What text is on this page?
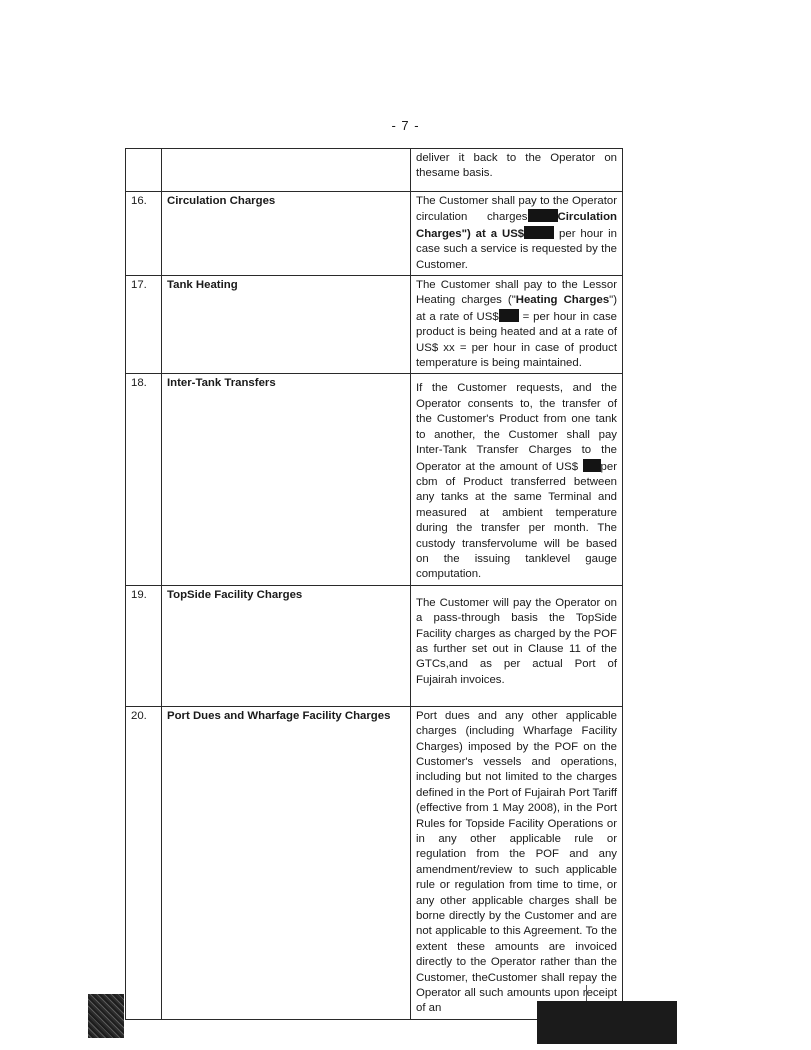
- 7 -
		deliver it back to the Operator on thesame basis.
16.	Circulation Charges	The Customer shall pay to the Operator circulation charges Circulation Charges") at a US$ per hour in case such a service is requested by the Customer.
17.	Tank Heating	The Customer shall pay to the Lessor Heating charges ("Heating Charges") at a rate of US$ = per hour in case product is being heated and at a rate of US$ xx = per hour in case of product temperature is being maintained.
18.	Inter-Tank Transfers	If the Customer requests, and the Operator consents to, the transfer of the Customer's Product from one tank to another, the Customer shall pay Inter-Tank Transfer Charges to the Operator at the amount of US$ per cbm of Product transferred between any tanks at the same Terminal and measured at ambient temperature during the transfer per month. The custody transfervolume will be based on the issuing tanklevel gauge computation.
19.	TopSide Facility Charges	The Customer will pay the Operator on a pass-through basis the TopSide Facility charges as charged by the POF as further set out in Clause 11 of the GTCs,and as per actual Port of Fujairah invoices.
20.	Port Dues and Wharfage Facility Charges	Port dues and any other applicable charges (including Wharfage Facility Charges) imposed by the POF on the Customer's vessels and operations, including but not limited to the charges defined in the Port of Fujairah Port Tariff (effective from 1 May 2008), in the Port Rules for Topside Facility Operations or in any other applicable rule or regulation from the POF and any amendment/review to such applicable rule or regulation from time to time, or any other applicable charges shall be borne directly by the Customer and are not applicable to this Agreement. To the extent these amounts are invoiced directly to the Operator rather than the Customer, theCustomer shall repay the Operator all such amounts upon receipt of an
